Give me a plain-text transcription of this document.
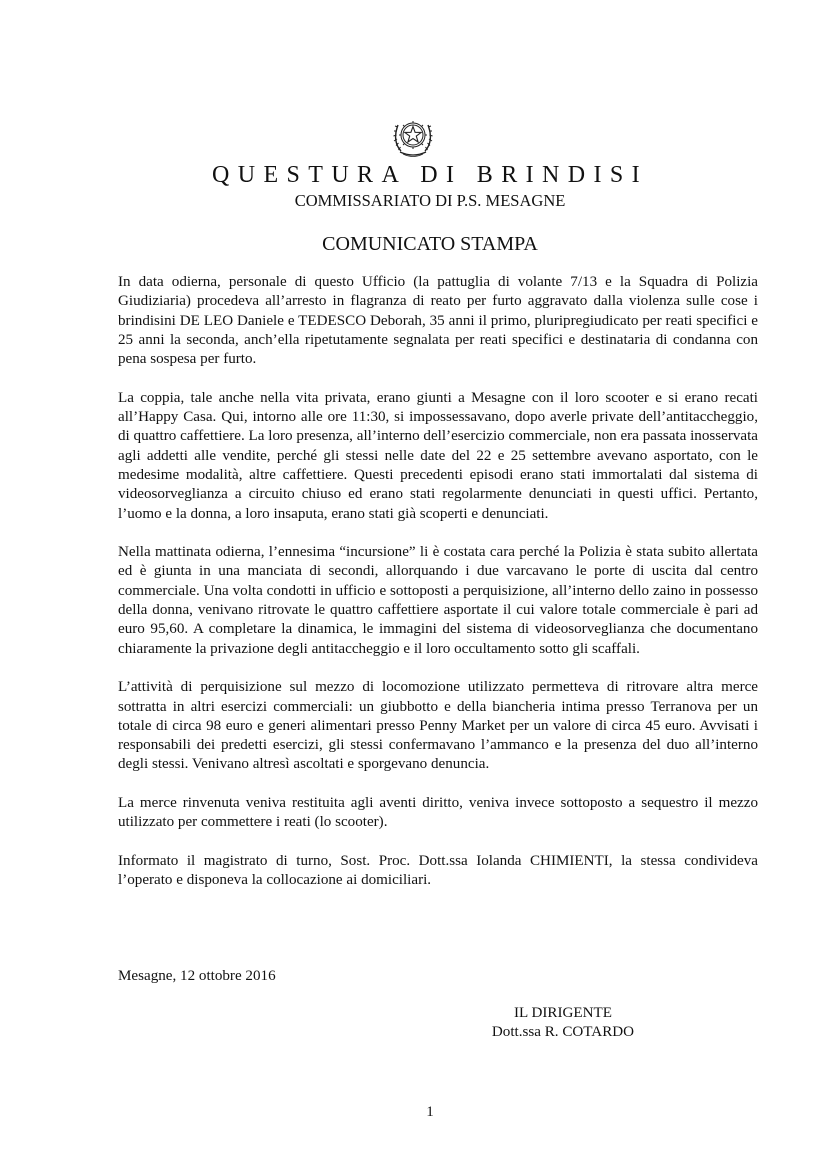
QUESTURA DI BRINDISI
COMMISSARIATO DI P.S. MESAGNE
COMUNICATO STAMPA

In data odierna, personale di questo Ufficio (la pattuglia di volante 7/13 e la Squadra di Polizia Giudiziaria) procedeva all’arresto in flagranza di reato per furto aggravato dalla violenza sulle cose i brindisini DE LEO Daniele e TEDESCO Deborah, 35 anni il primo, pluripregiudicato per reati specifici e 25 anni la seconda, anch’ella ripetutamente segnalata per reati specifici e destinataria di condanna con pena sospesa per furto.

La coppia, tale anche nella vita privata, erano giunti a Mesagne con il loro scooter e si erano recati all’Happy Casa. Qui, intorno alle ore 11:30, si impossessavano, dopo averle private dell’antitaccheggio, di quattro caffettiere. La loro presenza, all’interno dell’esercizio commerciale, non era passata inosservata agli addetti alle vendite, perché gli stessi nelle date del 22 e 25 settembre avevano asportato, con le medesime modalità, altre caffettiere. Questi precedenti episodi erano stati immortalati dal sistema di videosorveglianza a circuito chiuso ed erano stati regolarmente denunciati in questi uffici. Pertanto, l’uomo e la donna, a loro insaputa, erano stati già scoperti e denunciati.

Nella mattinata odierna, l’ennesima “incursione” li è costata cara perché la Polizia è stata subito allertata ed è giunta in una manciata di secondi, allorquando i due varcavano le porte di uscita dal centro commerciale. Una volta condotti in ufficio e sottoposti a perquisizione, all’interno dello zaino in possesso della donna, venivano ritrovate le quattro caffettiere asportate il cui valore totale commerciale è pari ad euro 95,60. A completare la dinamica, le immagini del sistema di videosorveglianza che documentano chiaramente la privazione degli antitaccheggio e il loro occultamento sotto gli scaffali.

L’attività di perquisizione sul mezzo di locomozione utilizzato permetteva di ritrovare altra merce sottratta in altri esercizi commerciali: un giubbotto e della biancheria intima presso Terranova per un totale di circa 98 euro e generi alimentari presso Penny Market per un valore di circa 45 euro. Avvisati i responsabili dei predetti esercizi, gli stessi confermavano l’ammanco e la presenza del duo all’interno degli stessi. Venivano altresì ascoltati e sporgevano denuncia.

La merce rinvenuta veniva restituita agli aventi diritto, veniva invece sottoposto a sequestro il mezzo utilizzato per commettere i reati (lo scooter).

Informato il magistrato di turno, Sost. Proc. Dott.ssa Iolanda CHIMIENTI, la stessa condivideva l’operato e disponeva la collocazione ai domiciliari.

Mesagne, 12 ottobre 2016
IL DIRIGENTE
Dott.ssa R. COTARDO
1
